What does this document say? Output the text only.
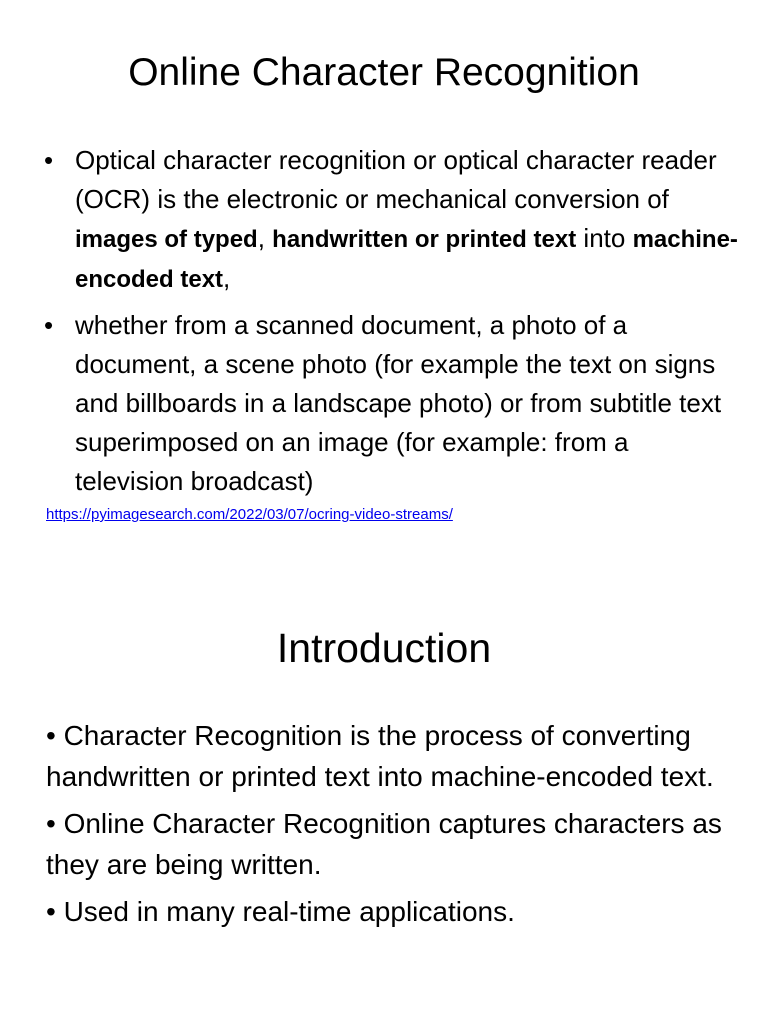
Online Character Recognition
• Optical character recognition or optical character reader (OCR) is the electronic or mechanical conversion of images of typed, handwritten or printed text into machine-encoded text,
• whether from a scanned document, a photo of a document, a scene photo (for example the text on signs and billboards in a landscape photo) or from subtitle text superimposed on an image (for example: from a television broadcast)
https://pyimagesearch.com/2022/03/07/ocring-video-streams/
Introduction
• Character Recognition is the process of converting handwritten or printed text into machine-encoded text.
• Online Character Recognition captures characters as they are being written.
• Used in many real-time applications.
